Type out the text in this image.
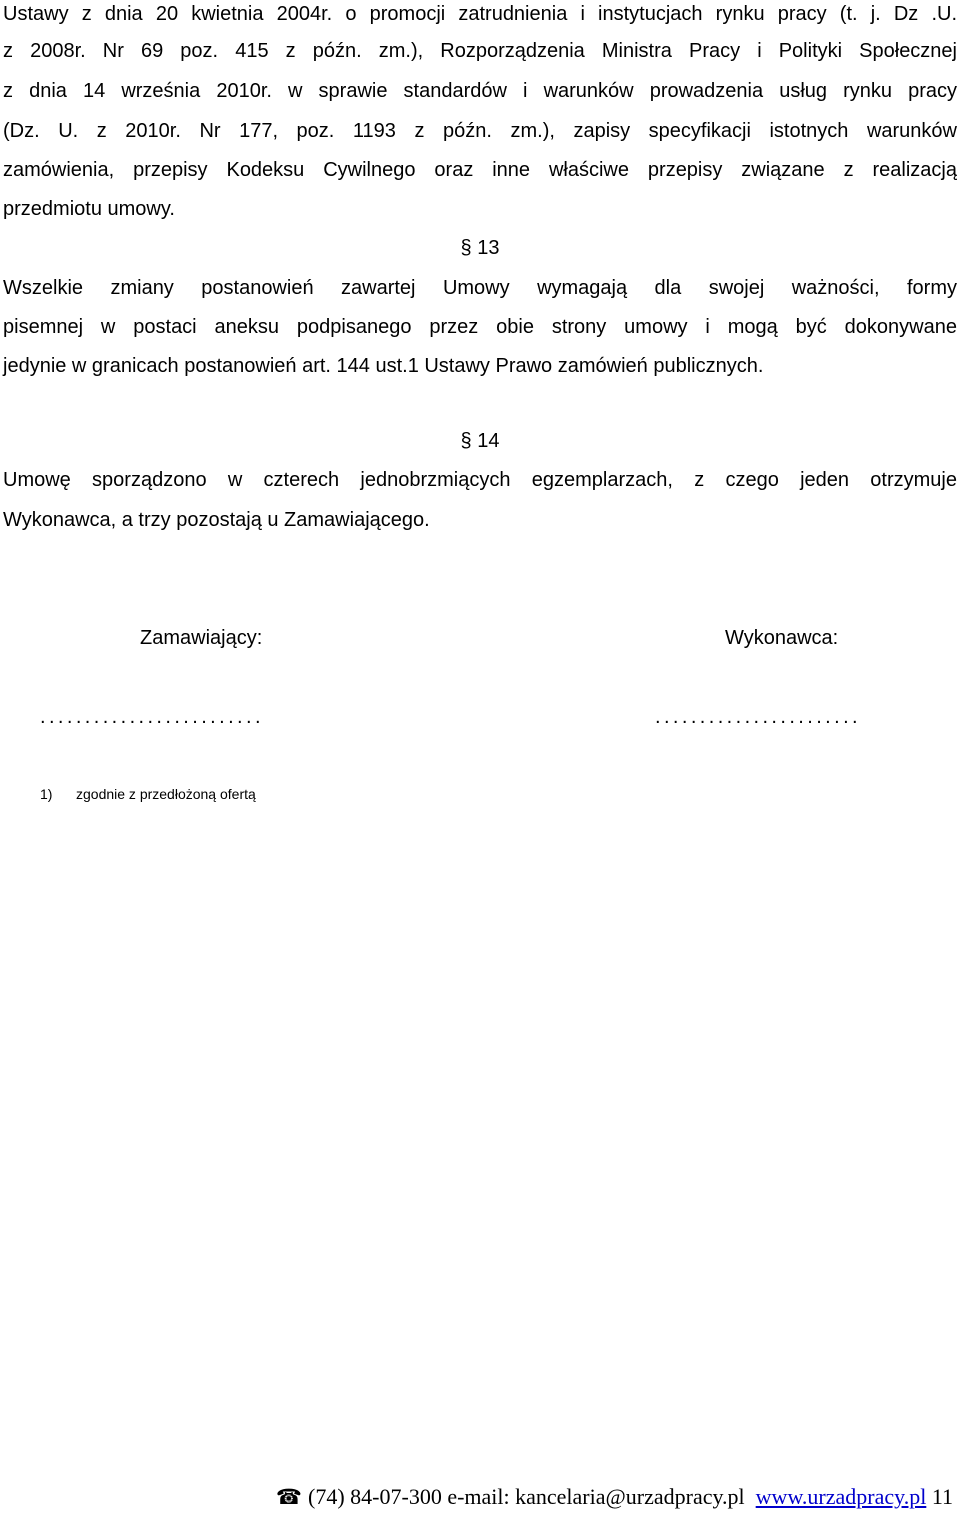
Ustawy z dnia 20 kwietnia 2004r. o promocji zatrudnienia i instytucjach rynku pracy (t. j. Dz .U.
z 2008r. Nr 69 poz. 415 z późn. zm.), Rozporządzenia Ministra Pracy i Polityki Społecznej
z dnia 14 września 2010r. w sprawie standardów i warunków prowadzenia usług rynku pracy
(Dz. U. z 2010r. Nr 177, poz. 1193 z późn. zm.), zapisy specyfikacji istotnych warunków
zamówienia, przepisy Kodeksu Cywilnego oraz inne właściwe przepisy związane z realizacją
przedmiotu umowy.
§ 13
Wszelkie zmiany postanowień zawartej Umowy wymagają dla swojej ważności, formy
pisemnej w postaci aneksu podpisanego przez obie strony umowy i mogą być dokonywane
jedynie w granicach postanowień art. 144 ust.1 Ustawy Prawo zamówień publicznych.
§ 14
Umowę sporządzono w czterech jednobrzmiących egzemplarzach, z czego jeden otrzymuje
Wykonawca, a trzy pozostają u Zamawiającego.
Zamawiający:	Wykonawca:
.........................	.......................
1) zgodnie z przedłożoną ofertą
☎ (74) 84-07-300 e-mail: kancelaria@urzadpracy.pl www.urzadpracy.pl 11
